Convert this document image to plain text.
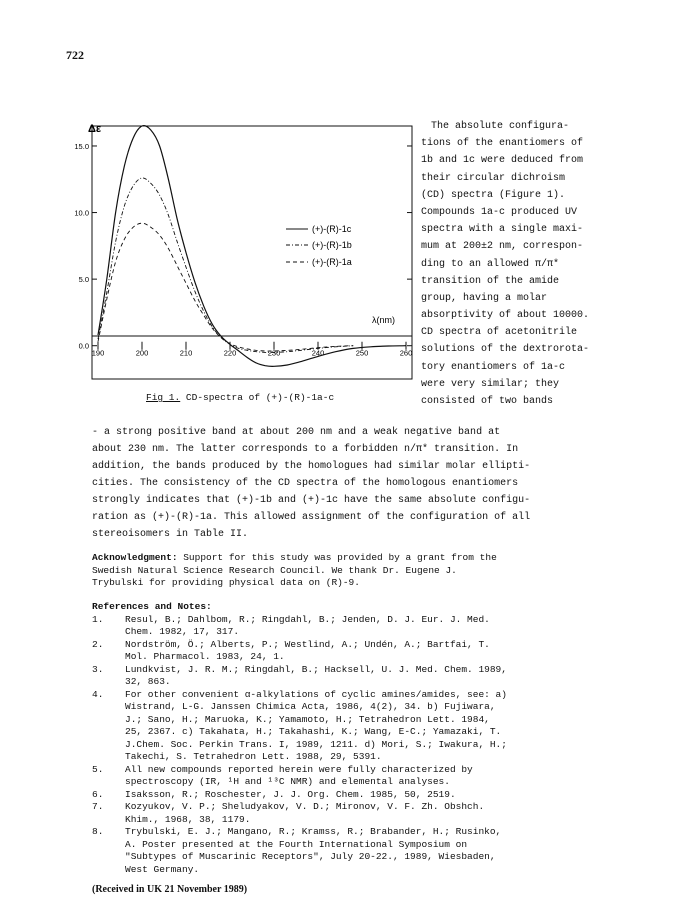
722
Δε
0.0
5.0
10.0
15.0
190	200	210	220	230	240	250	260
(+)-(R)-1c
(+)-(R)-1b
(+)-(R)-1a
λ(nm)
Fig 1. CD-spectra of (+)-(R)-1a-c
The absolute configura-
tions of the enantiomers of
1b and 1c were deduced from
their circular dichroism
(CD) spectra (Figure 1).
Compounds 1a-c produced UV
spectra with a single maxi-
mum at 200±2 nm, correspon-
ding to an allowed π/π*
transition of the amide
group, having a molar
absorptivity of about 10000.
CD spectra of acetonitrile
solutions of the dextrorota-
tory enantiomers of 1a-c
were very similar; they
consisted of two bands
- a strong positive band at about 200 nm and a weak negative band at
about 230 nm. The latter corresponds to a forbidden n/π* transition. In
addition, the bands produced by the homologues had similar molar ellipti-
cities. The consistency of the CD spectra of the homologous enantiomers
strongly indicates that (+)-1b and (+)-1c have the same absolute configu-
ration as (+)-(R)-1a. This allowed assignment of the configuration of all
stereoisomers in Table II.
Acknowledgment: Support for this study was provided by a grant from the
Swedish Natural Science Research Council. We thank Dr. Eugene J.
Trybulski for providing physical data on (R)-9.
References and Notes:
1.	Resul, B.; Dahlbom, R.; Ringdahl, B.; Jenden, D. J. Eur. J. Med.
Chem. 1982, 17, 317.
2.	Nordström, Ö.; Alberts, P.; Westlind, A.; Undén, A.; Bartfai, T.
Mol. Pharmacol. 1983, 24, 1.
3.	Lundkvist, J. R. M.; Ringdahl, B.; Hacksell, U. J. Med. Chem. 1989,
32, 863.
4.	For other convenient α-alkylations of cyclic amines/amides, see: a)
Wistrand, L-G. Janssen Chimica Acta, 1986, 4(2), 34. b) Fujiwara,
J.; Sano, H.; Maruoka, K.; Yamamoto, H.; Tetrahedron Lett. 1984,
25, 2367. c) Takahata, H.; Takahashi, K.; Wang, E-C.; Yamazaki, T.
J.Chem. Soc. Perkin Trans. I, 1989, 1211. d) Mori, S.; Iwakura, H.;
Takechi, S. Tetrahedron Lett. 1988, 29, 5391.
5.	All new compounds reported herein were fully characterized by
spectroscopy (IR, ¹H and ¹³C NMR) and elemental analyses.
6.	Isaksson, R.; Roschester, J. J. Org. Chem. 1985, 50, 2519.
7.	Kozyukov, V. P.; Sheludyakov, V. D.; Mironov, V. F. Zh. Obshch.
Khim., 1968, 38, 1179.
8.	Trybulski, E. J.; Mangano, R.; Kramss, R.; Brabander, H.; Rusinko,
A. Poster presented at the Fourth International Symposium on
"Subtypes of Muscarinic Receptors", July 20-22., 1989, Wiesbaden,
West Germany.
(Received in UK 21 November 1989)
